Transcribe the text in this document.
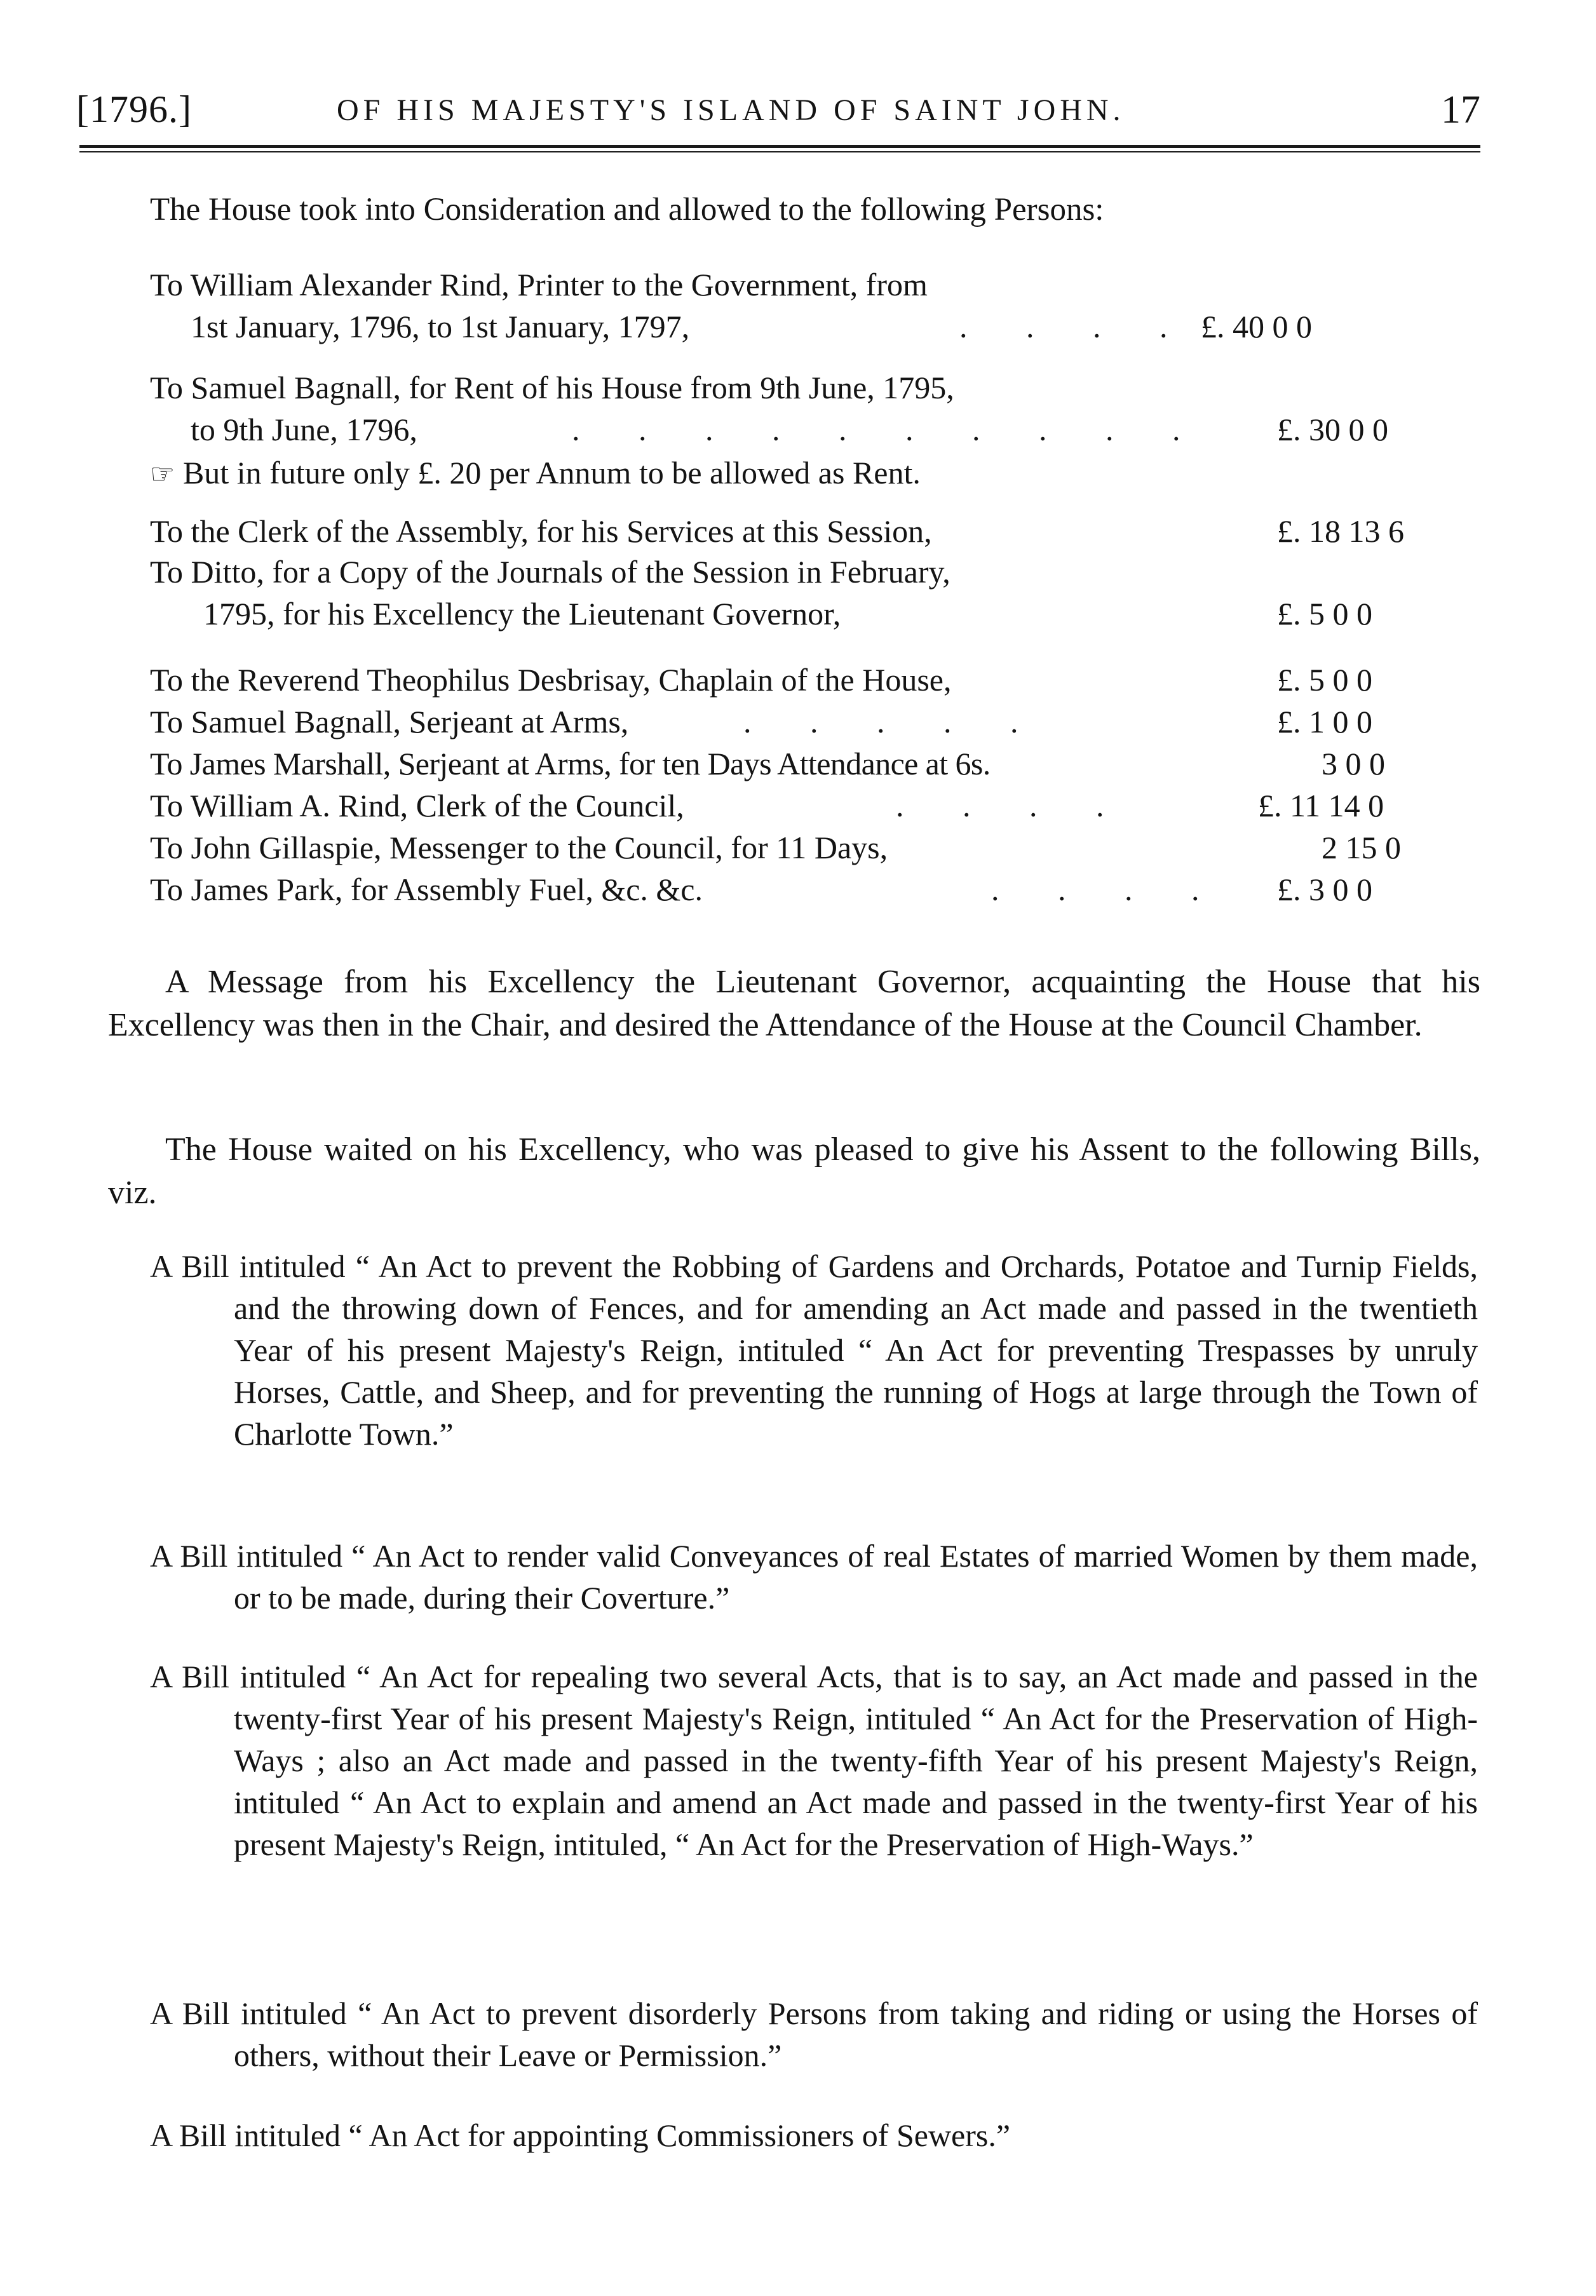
[1796.]	OF HIS MAJESTY'S ISLAND OF SAINT JOHN.	17
The House took into Consideration and allowed to the following Persons:
To William Alexander Rind, Printer to the Government, from
1st January, 1796, to 1st January, 1797,	. . . . £. 40 0 0
To Samuel Bagnall, for Rent of his House from 9th June, 1795,
to 9th June, 1796,	. . . . . . . . . . £. 30 0 0
☞ But in future only £. 20 per Annum to be allowed as Rent.
To the Clerk of the Assembly, for his Services at this Session,	£. 18 13 6
To Ditto, for a Copy of the Journals of the Session in February,
1795, for his Excellency the Lieutenant Governor,	£. 5 0 0
To the Reverend Theophilus Desbrisay, Chaplain of the House,	£. 5 0 0
To Samuel Bagnall, Serjeant at Arms,	. . . . .	£. 1 0 0
To James Marshall, Serjeant at Arms, for ten Days Attendance at 6s.	3 0 0
To William A. Rind, Clerk of the Council,	. . . .	£. 11 14 0
To John Gillaspie, Messenger to the Council, for 11 Days,	2 15 0
To James Park, for Assembly Fuel, &c. &c.	. . . . £. 3 0 0
A Message from his Excellency the Lieutenant Governor, acquainting the House that his Excellency was then in the Chair, and desired the Attendance of the House at the Council Chamber.
The House waited on his Excellency, who was pleased to give his Assent to the following Bills, viz.
A Bill intituled “ An Act to prevent the Robbing of Gardens and Orchards, Potatoe and Turnip Fields, and the throwing down of Fences, and for amending an Act made and passed in the twentieth Year of his present Majesty's Reign, intituled “ An Act for preventing Trespasses by unruly Horses, Cattle, and Sheep, and for preventing the running of Hogs at large through the Town of Charlotte Town.”
A Bill intituled “ An Act to render valid Conveyances of real Estates of married Women by them made, or to be made, during their Coverture.”
A Bill intituled “ An Act for repealing two several Acts, that is to say, an Act made and passed in the twenty-first Year of his present Majesty's Reign, intituled “ An Act for the Preservation of High-Ways ; also an Act made and passed in the twenty-fifth Year of his present Majesty's Reign, intituled “ An Act to explain and amend an Act made and passed in the twenty-first Year of his present Majesty's Reign, intituled, “ An Act for the Preservation of High-Ways.”
A Bill intituled “ An Act to prevent disorderly Persons from taking and riding or using the Horses of others, without their Leave or Permission.”
A Bill intituled “ An Act for appointing Commissioners of Sewers.”
